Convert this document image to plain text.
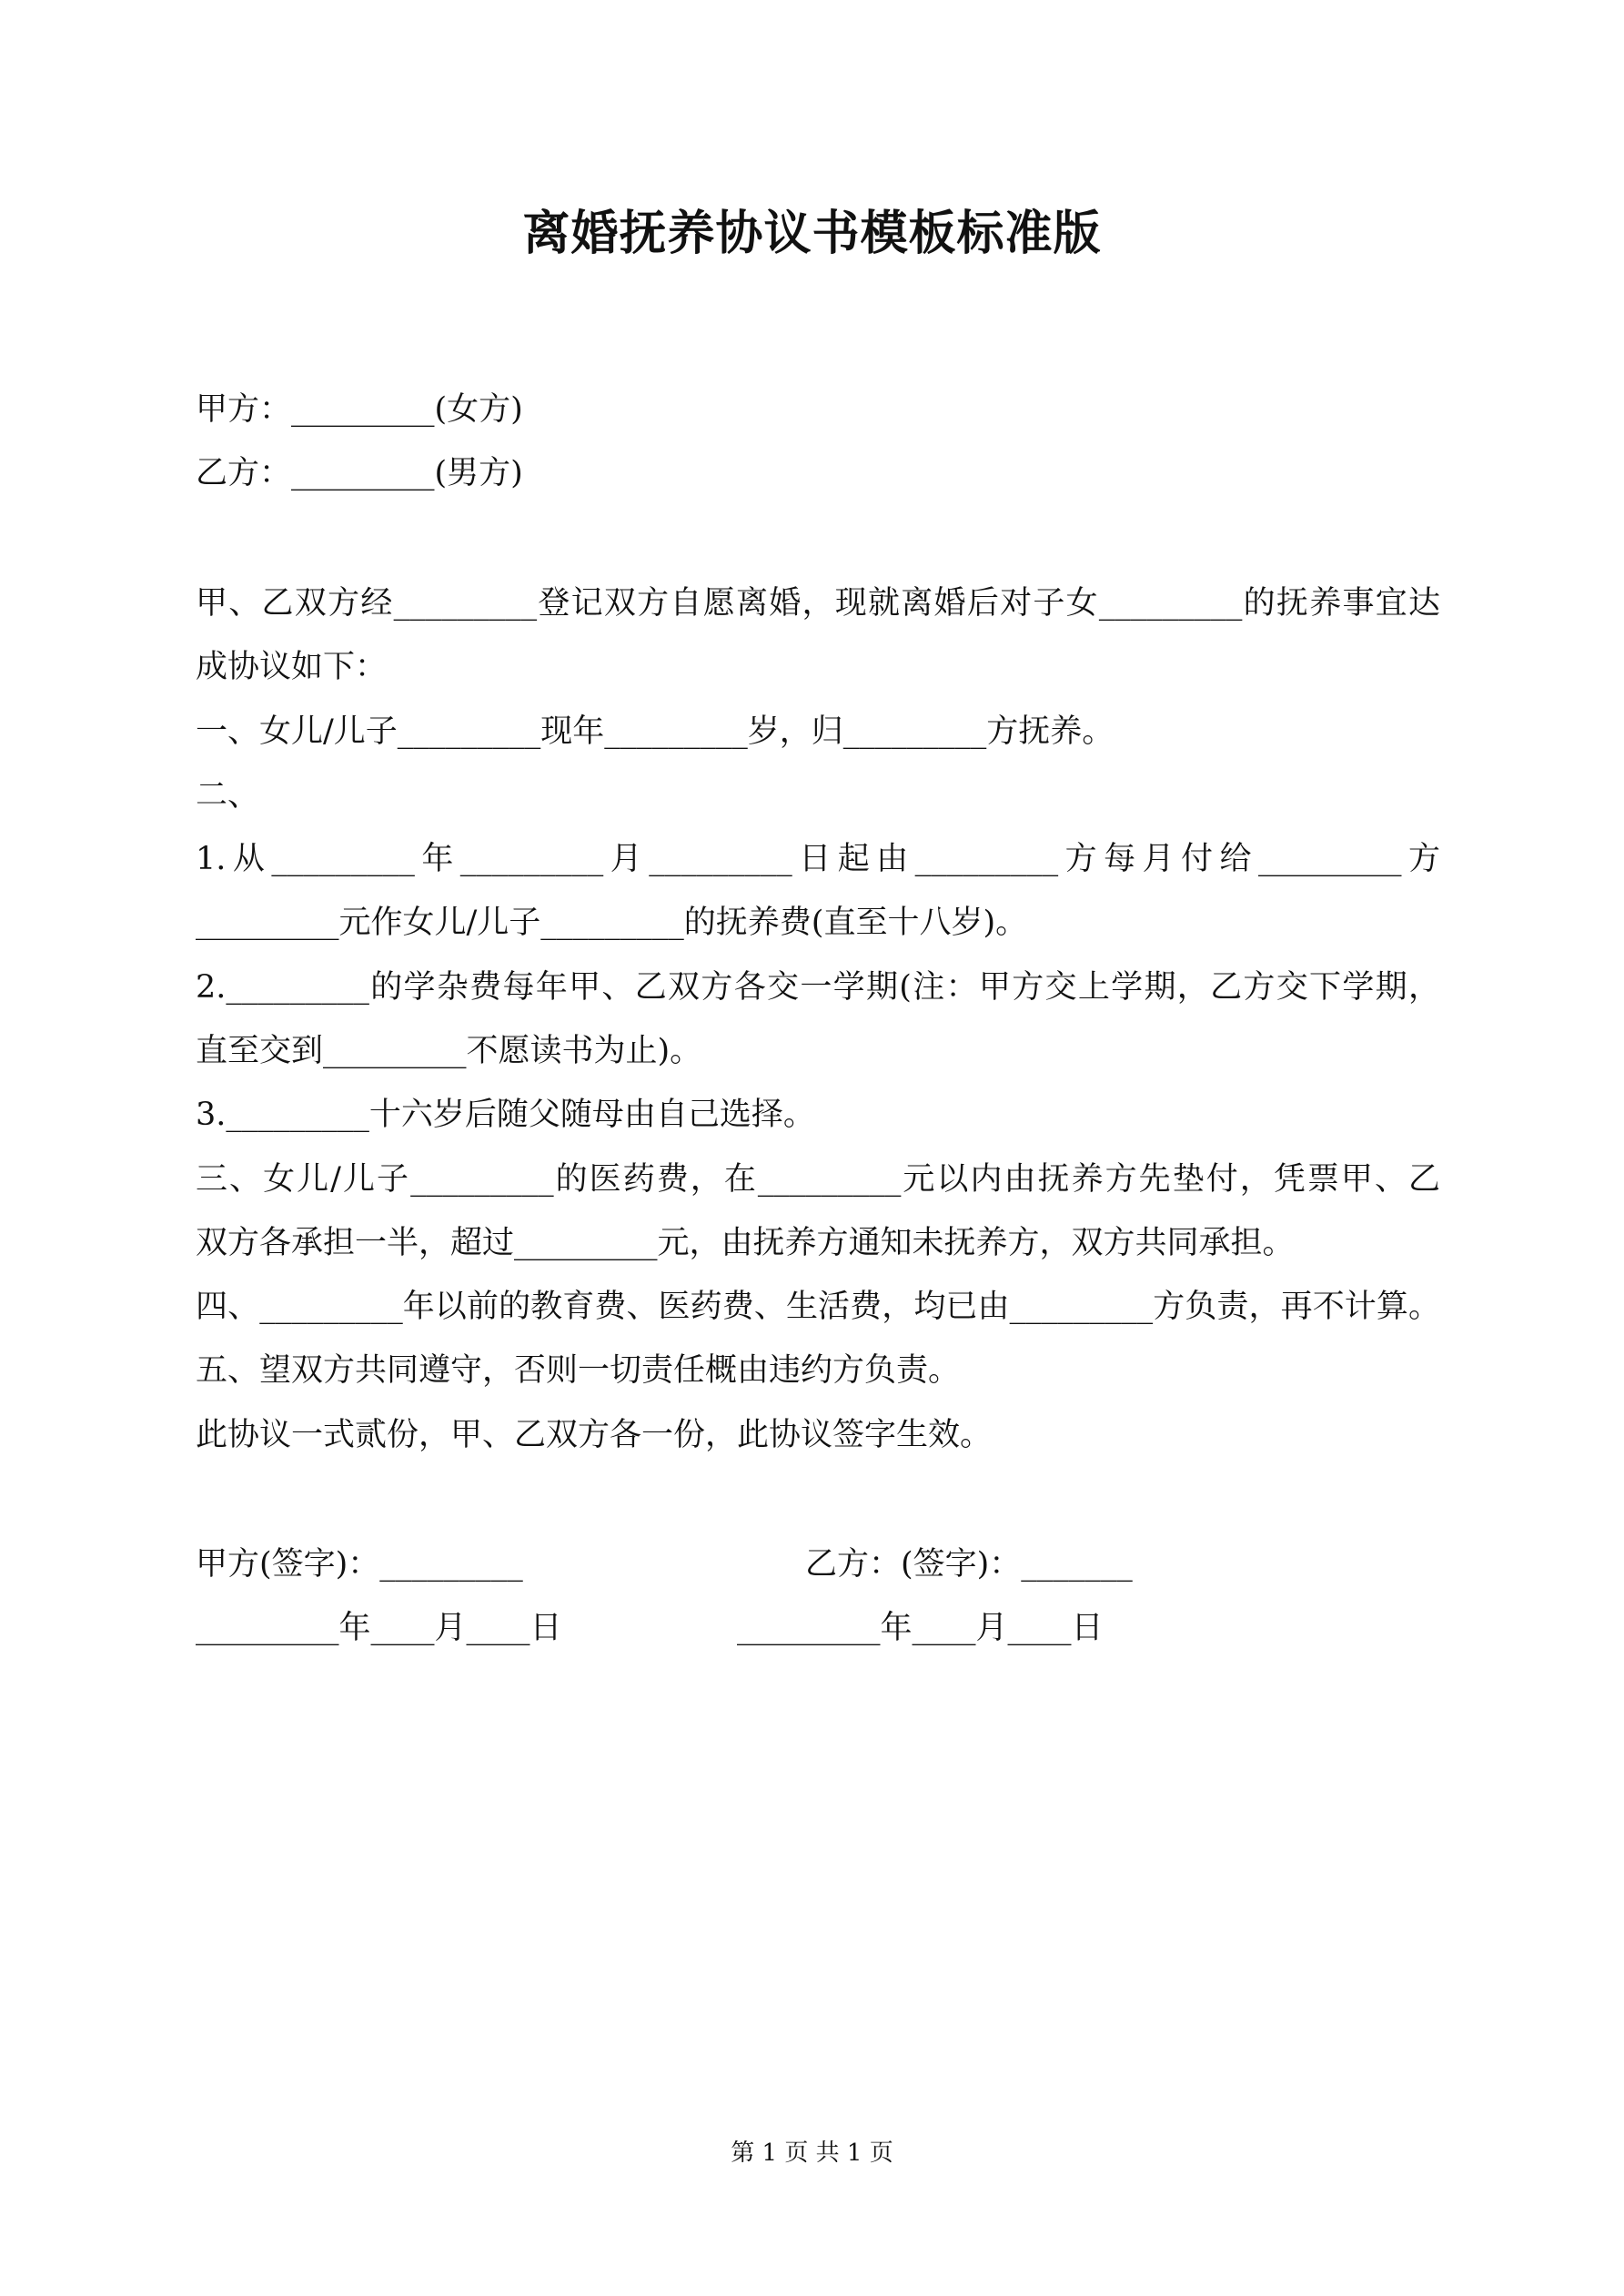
离婚抚养协议书模板标准版
甲方：_________(女方)
乙方：_________(男方)
甲、乙双方经_________登记双方自愿离婚，现就离婚后对子女_________的抚养事宜达
成协议如下：
一、女儿/儿子_________现年_________岁，归_________方抚养。
二、
1.从_________年_________月_________日起由_________方每月付给_________方
_________元作女儿/儿子_________的抚养费(直至十八岁)。
2._________的学杂费每年甲、乙双方各交一学期(注：甲方交上学期，乙方交下学期，
直至交到_________不愿读书为止)。
3._________十六岁后随父随母由自己选择。
三、女儿/儿子_________的医药费，在_________元以内由抚养方先垫付，凭票甲、乙
双方各承担一半，超过_________元，由抚养方通知未抚养方，双方共同承担。
四、_________年以前的教育费、医药费、生活费，均已由_________方负责，再不计算。
五、望双方共同遵守，否则一切责任概由违约方负责。
此协议一式贰份，甲、乙双方各一份，此协议签字生效。
甲方(签字)：_________	乙方：(签字)：_______
_________年____月____日	_________年____月____日
第 1 页 共 1 页
